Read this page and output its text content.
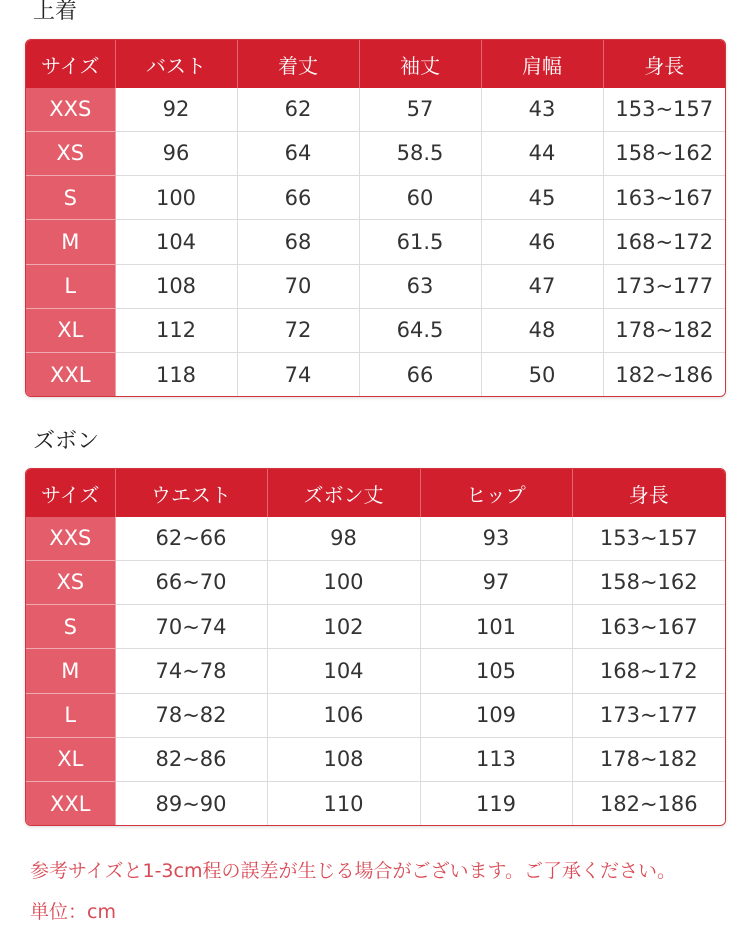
上着
サイズ	バスト	着丈	袖丈	肩幅	身長
XXS	92	62	57	43	153~157
XS	96	64	58.5	44	158~162
S	100	66	60	45	163~167
M	104	68	61.5	46	168~172
L	108	70	63	47	173~177
XL	112	72	64.5	48	178~182
XXL	118	74	66	50	182~186
ズボン
サイズ	ウエスト	ズボン丈	ヒップ	身長
XXS	62~66	98	93	153~157
XS	66~70	100	97	158~162
S	70~74	102	101	163~167
M	74~78	104	105	168~172
L	78~82	106	109	173~177
XL	82~86	108	113	178~182
XXL	89~90	110	119	182~186

参考サイズと1-3cm程の誤差が生じる場合がございます。ご了承ください。

単位：cm
